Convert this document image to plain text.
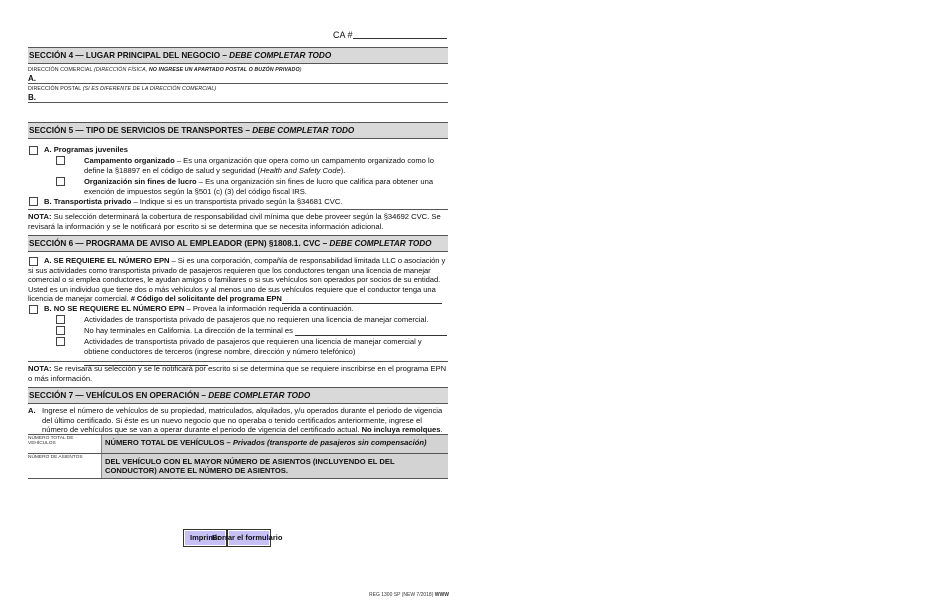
CA #
SECCIÓN 4 — LUGAR PRINCIPAL DEL NEGOCIO – DEBE COMPLETAR TODO
DIRECCIÓN COMERCIAL (DIRECCIÓN FÍSICA, NO INGRESE UN APARTADO POSTAL O BUZÓN PRIVADO)
A.
DIRECCIÓN POSTAL (SI ES DIFERENTE DE LA DIRECCIÓN COMERCIAL)
B.
SECCIÓN 5 — TIPO DE SERVICIOS DE TRANSPORTES – DEBE COMPLETAR TODO
A. Programas juveniles
Campamento organizado – Es una organización que opera como un campamento organizado como lo define la §18897 en el código de salud y seguridad (Health and Safety Code).
Organización sin fines de lucro – Es una organización sin fines de lucro que califica para obtener una exención de impuestos según la §501 (c) (3) del código fiscal IRS.
B. Transportista privado – Indique si es un transportista privado según la §34681 CVC.
NOTA: Su selección determinará la cobertura de responsabilidad civil mínima que debe proveer según la §34692 CVC. Se revisará la información y se le notificará por escrito si se determina que se necesita información adicional.
SECCIÓN 6 — PROGRAMA DE AVISO AL EMPLEADOR (EPN) §1808.1. CVC – DEBE COMPLETAR TODO
A. SE REQUIERE EL NÚMERO EPN – Si es una corporación, compañía de responsabilidad limitada LLC o asociación y si sus actividades como transportista privado de pasajeros requieren que los conductores tengan una licencia de manejar comercial o si emplea conductores, le ayudan amigos o familiares o si sus vehículos son operados por socios de su entidad. Usted es un individuo que tiene dos o más vehículos y al menos uno de sus vehículos requiere que el conductor tenga una licencia de manejar comercial. # Código del solicitante del programa EPN
B. NO SE REQUIERE EL NÚMERO EPN – Provea la información requerida a continuación.
Actividades de transportista privado de pasajeros que no requieren una licencia de manejar comercial.
No hay terminales en California. La dirección de la terminal es
Actividades de transportista privado de pasajeros que requieren una licencia de manejar comercial y obtiene conductores de terceros (ingrese nombre, dirección y número telefónico)
NOTA: Se revisará su selección y se le notificará por escrito si se determina que se requiere inscribirse en el programa EPN o más información.
SECCIÓN 7 — VEHÍCULOS EN OPERACIÓN – DEBE COMPLETAR TODO
A. Ingrese el número de vehículos de su propiedad, matriculados, alquilados, y/u operados durante el periodo de vigencia del último certificado. Si éste es un nuevo negocio que no operaba o tenido certificados anteriormente, ingrese el número de vehículos que se van a operar durante el periodo de vigencia del certificado actual. No incluya remolques.
NÚMERO TOTAL DE VEHÍCULOS	NÚMERO TOTAL DE VEHÍCULOS – Privados (transporte de pasajeros sin compensación)
NÚMERO DE ASIENTOS	DEL VEHÍCULO CON EL MAYOR NÚMERO DE ASIENTOS (INCLUYENDO EL DEL CONDUCTOR) ANOTE EL NÚMERO DE ASIENTOS.
Imprimir
Borrar el formulario
REG 1300 SP (NEW 7/2018) WWW
